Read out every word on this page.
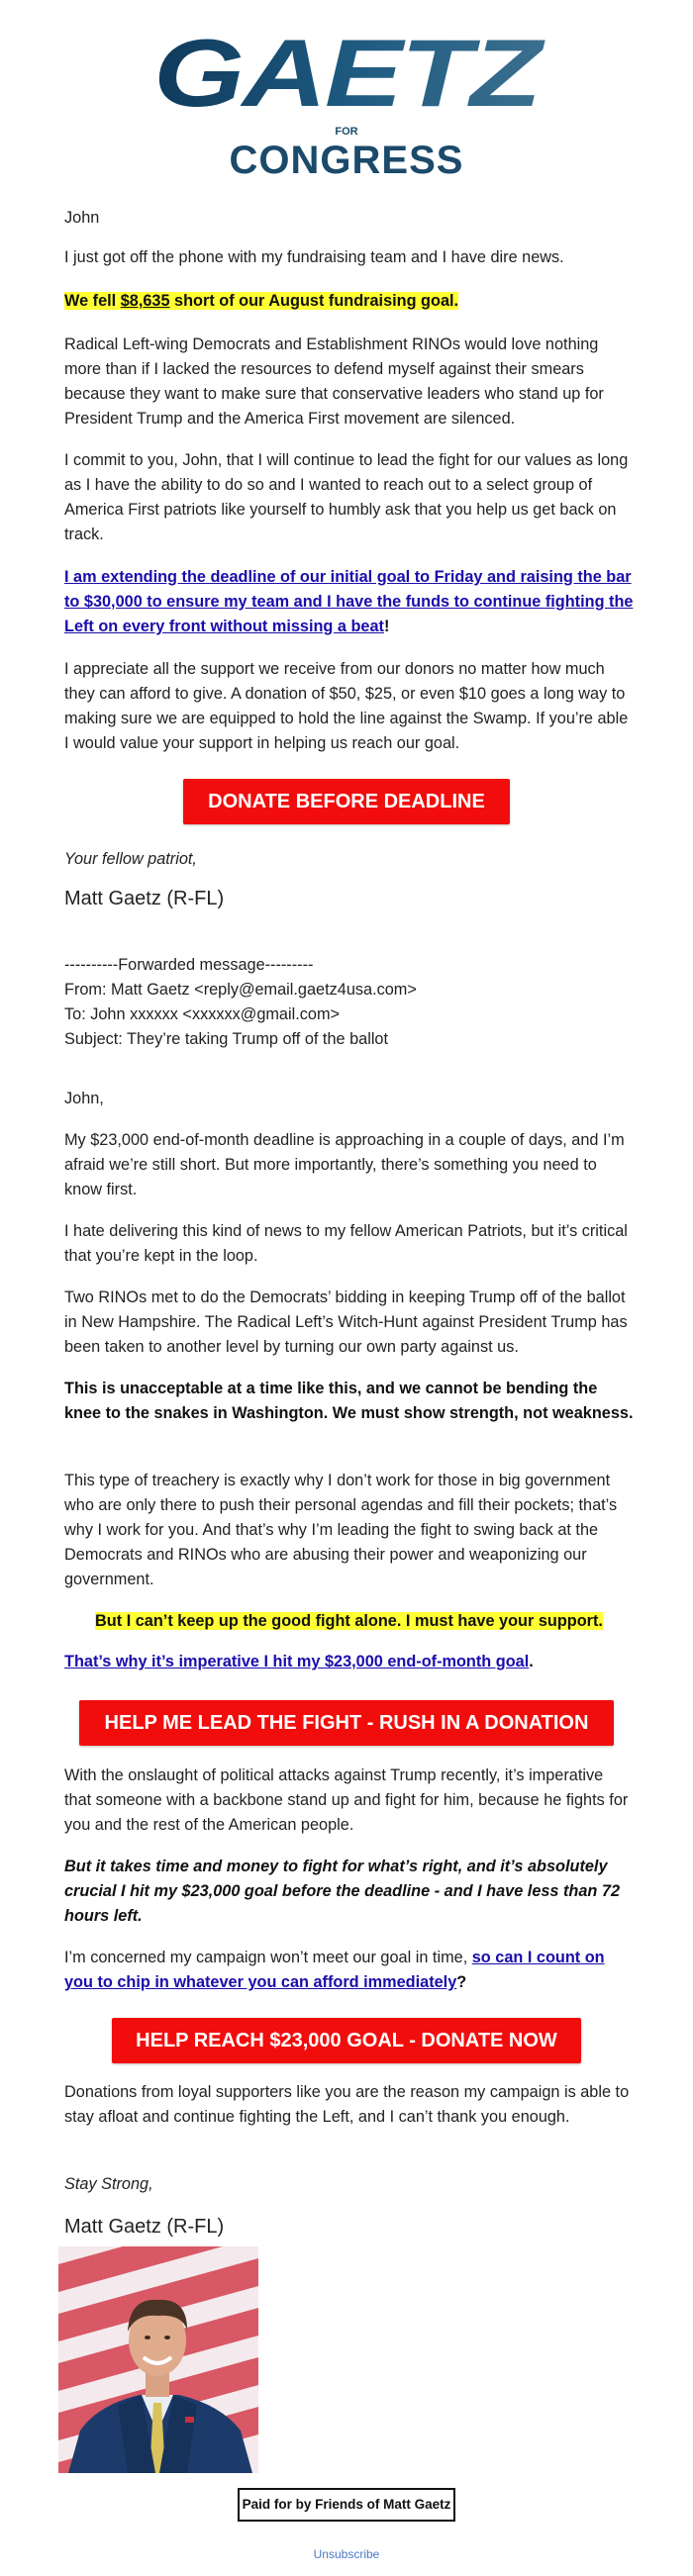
GAETZ
FOR
CONGRESS

John

I just got off the phone with my fundraising team and I have dire news.

We fell $8,635 short of our August fundraising goal.

Radical Left-wing Democrats and Establishment RINOs would love nothing more than if I lacked the resources to defend myself against their smears because they want to make sure that conservative leaders who stand up for President Trump and the America First movement are silenced.

I commit to you, John, that I will continue to lead the fight for our values as long as I have the ability to do so and I wanted to reach out to a select group of America First patriots like yourself to humbly ask that you help us get back on track.

I am extending the deadline of our initial goal to Friday and raising the bar to $30,000 to ensure my team and I have the funds to continue fighting the Left on every front without missing a beat!

I appreciate all the support we receive from our donors no matter how much they can afford to give. A donation of $50, $25, or even $10 goes a long way to making sure we are equipped to hold the line against the Swamp. If you’re able I would value your support in helping us reach our goal.

DONATE BEFORE DEADLINE

Your fellow patriot,

Matt Gaetz (R-FL)

----------Forwarded message---------

From: Matt Gaetz <reply@email.gaetz4usa.com>

To: John xxxxxx <xxxxxx@gmail.com>

Subject: They’re taking Trump off of the ballot

John,

My $23,000 end-of-month deadline is approaching in a couple of days, and I’m afraid we’re still short. But more importantly, there’s something you need to know first.

I hate delivering this kind of news to my fellow American Patriots, but it’s critical that you’re kept in the loop.

Two RINOs met to do the Democrats’ bidding in keeping Trump off of the ballot in New Hampshire. The Radical Left’s Witch-Hunt against President Trump has been taken to another level by turning our own party against us.

This is unacceptable at a time like this, and we cannot be bending the knee to the snakes in Washington. We must show strength, not weakness.

This type of treachery is exactly why I don’t work for those in big government who are only there to push their personal agendas and fill their pockets; that’s why I work for you. And that’s why I’m leading the fight to swing back at the Democrats and RINOs who are abusing their power and weaponizing our government.

But I can’t keep up the good fight alone. I must have your support.

That’s why it’s imperative I hit my $23,000 end-of-month goal.

HELP ME LEAD THE FIGHT - RUSH IN A DONATION

With the onslaught of political attacks against Trump recently, it’s imperative that someone with a backbone stand up and fight for him, because he fights for you and the rest of the American people.

But it takes time and money to fight for what’s right, and it’s absolutely crucial I hit my $23,000 goal before the deadline - and I have less than 72 hours left.

I’m concerned my campaign won’t meet our goal in time, so can I count on you to chip in whatever you can afford immediately?

HELP REACH $23,000 GOAL - DONATE NOW

Donations from loyal supporters like you are the reason my campaign is able to stay afloat and continue fighting the Left, and I can’t thank you enough.

Stay Strong,

Matt Gaetz (R-FL)
Paid for by Friends of Matt Gaetz
Unsubscribe
